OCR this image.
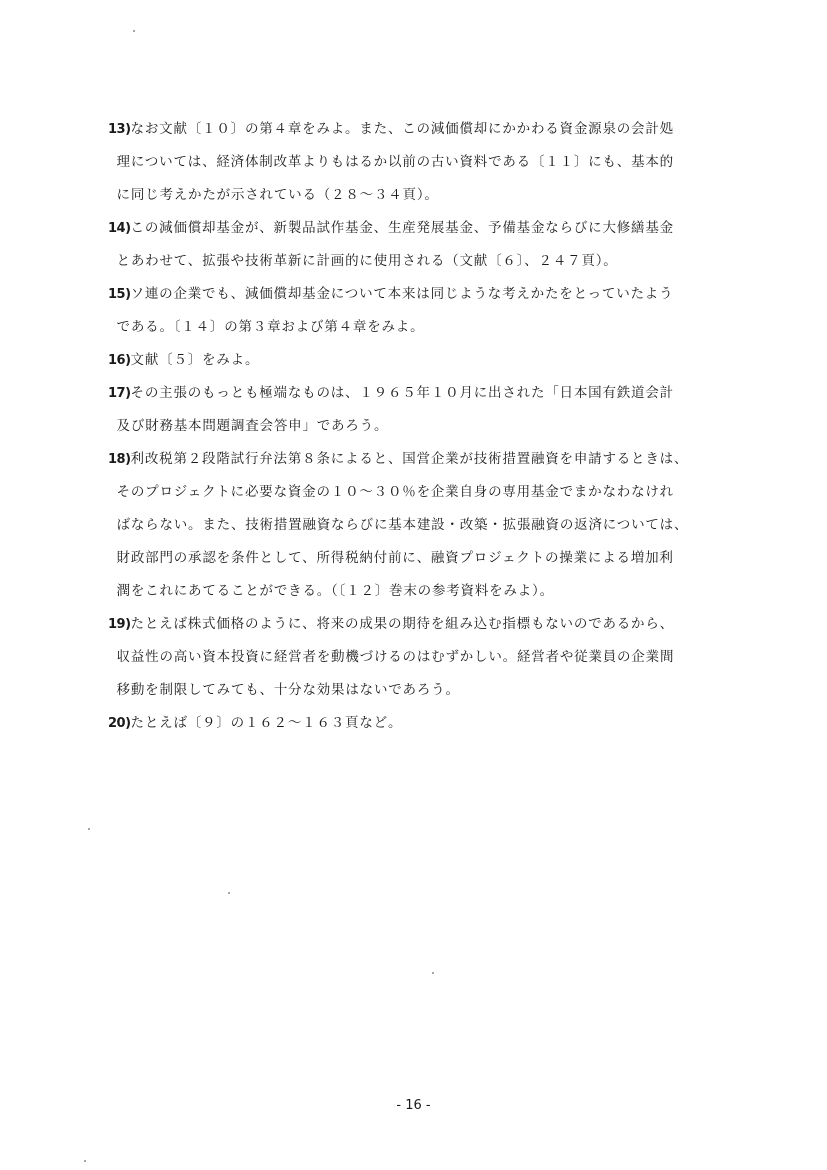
13) なお文献〔１０〕の第４章をみよ。また、この減価償却にかかわる資金源泉の会計処
理については、経済体制改革よりもはるか以前の古い資料である〔１１〕にも、基本的
に同じ考えかたが示されている（２８～３４頁）。
14) この減価償却基金が、新製品試作基金、生産発展基金、予備基金ならびに大修繕基金
とあわせて、拡張や技術革新に計画的に使用される（文献〔６〕、２４７頁）。
15) ソ連の企業でも、減価償却基金について本来は同じような考えかたをとっていたよう
である。〔１４〕の第３章および第４章をみよ。
16) 文献〔５〕をみよ。
17) その主張のもっとも極端なものは、１９６５年１０月に出された「日本国有鉄道会計
及び財務基本問題調査会答申」であろう。
18) 利改税第２段階試行弁法第８条によると、国営企業が技術措置融資を申請するときは、
そのプロジェクトに必要な資金の１０～３０％を企業自身の専用基金でまかなわなけれ
ばならない。また、技術措置融資ならびに基本建設・改築・拡張融資の返済については、
財政部門の承認を条件として、所得税納付前に、融資プロジェクトの操業による増加利
潤をこれにあてることができる。（〔１２〕巻末の参考資料をみよ）。
19) たとえば株式価格のように、将来の成果の期待を組み込む指標もないのであるから、
収益性の高い資本投資に経営者を動機づけるのはむずかしい。経営者や従業員の企業間
移動を制限してみても、十分な効果はないであろう。
20) たとえば〔９〕の１６２～１６３頁など。
- 16 -
